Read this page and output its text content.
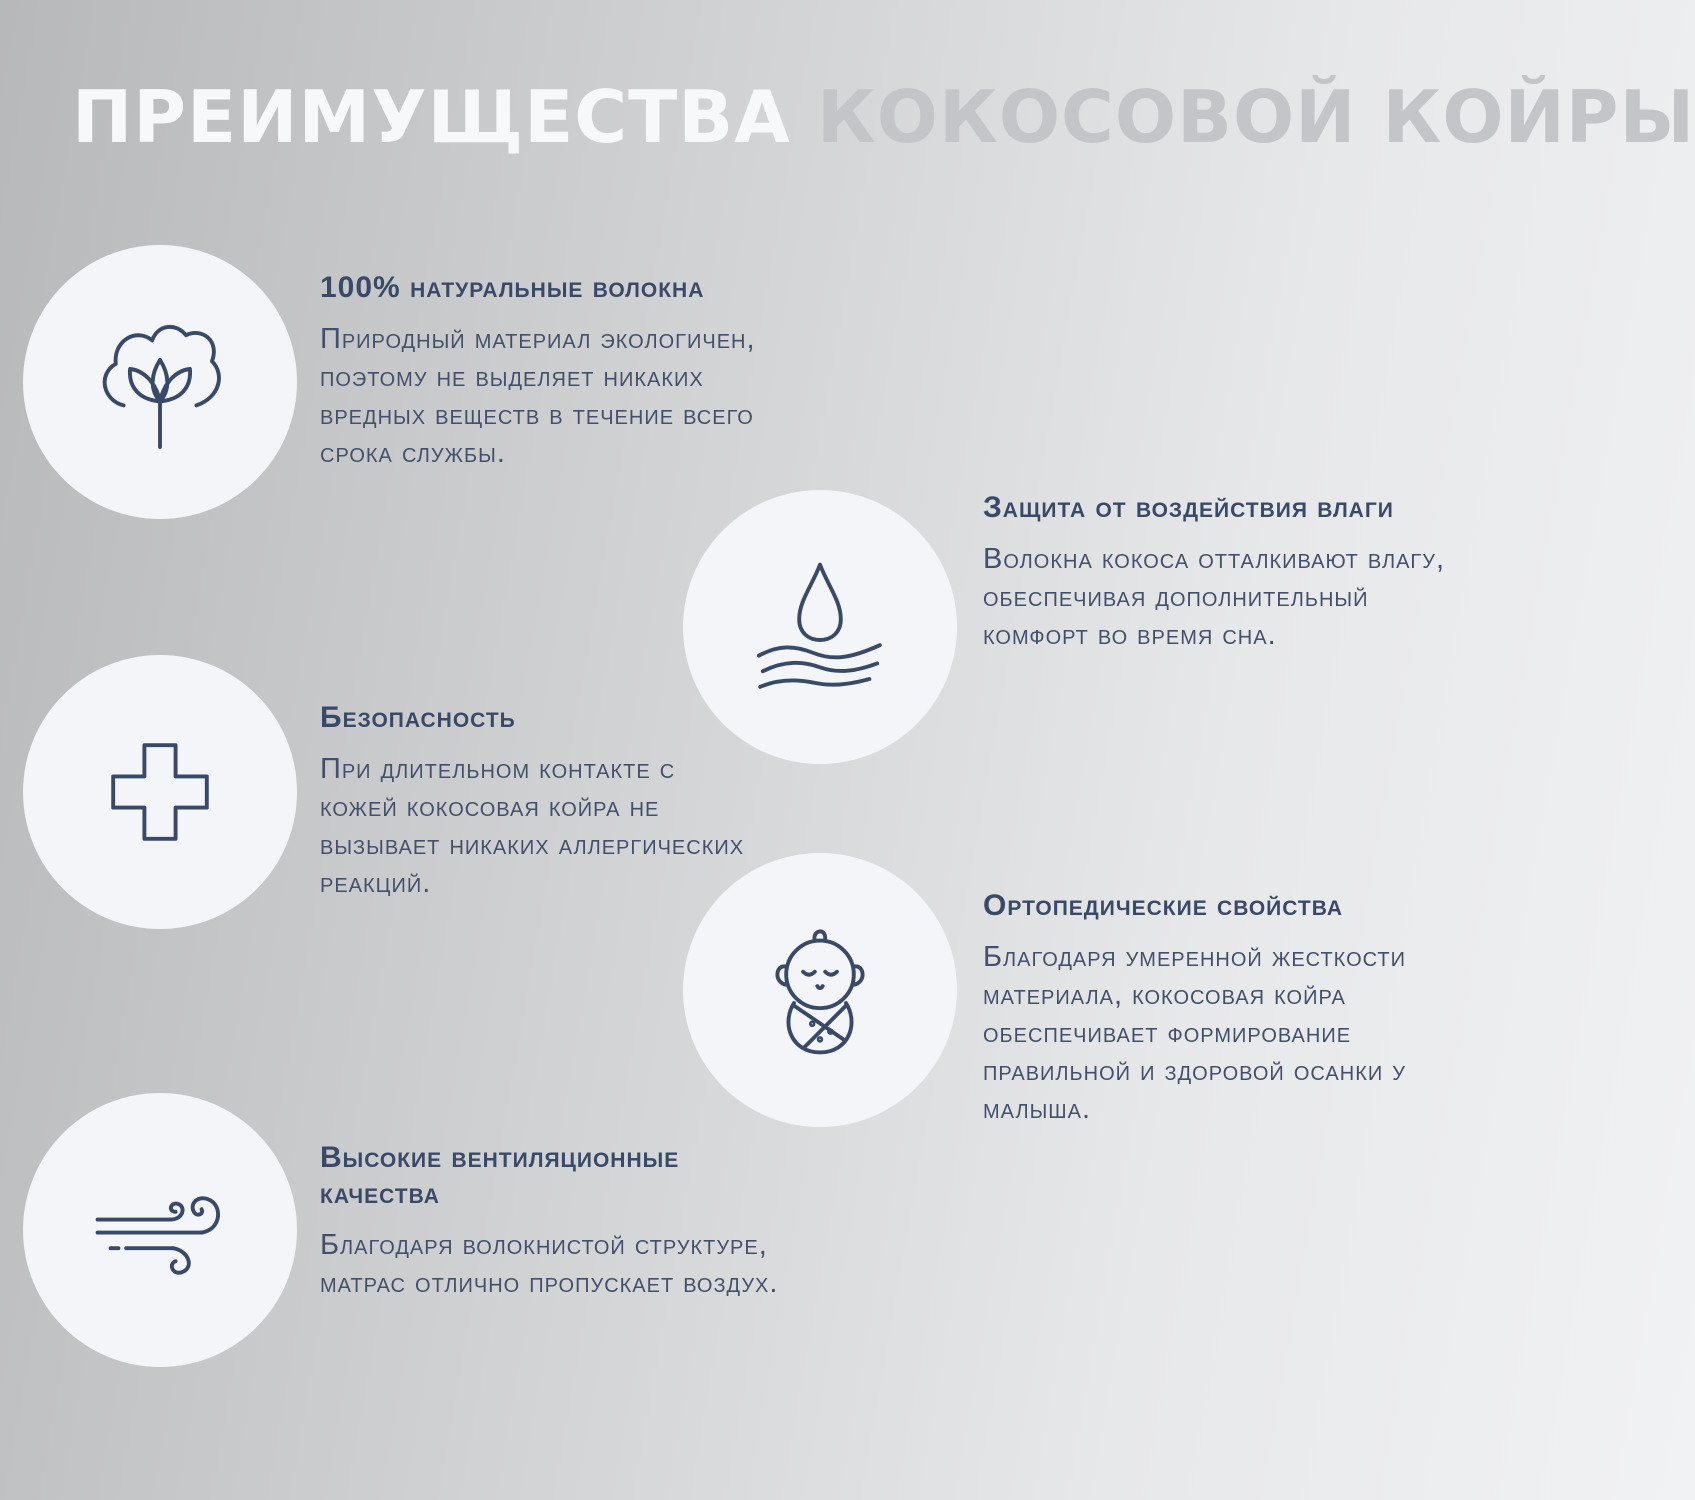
ПРЕИМУЩЕСТВА КОКОСОВОЙ КОЙРЫ
100% натуральные волокна

Природный материал экологичен, поэтому не выделяет никаких вредных веществ в течение всего срока службы.

Защита от воздействия влаги

Волокна кокоса отталкивают влагу, обеспечивая дополнительный комфорт во время сна.

Безопасность

При длительном контакте с кожей кокосовая койра не вызывает никаких аллергических реакций.

Ортопедические свойства

Благодаря умеренной жесткости материала, кокосовая койра обеспечивает формирование правильной и здоровой осанки у малыша.

Высокие вентиляционные качества

Благодаря волокнистой структуре, матрас отлично пропускает воздух.
